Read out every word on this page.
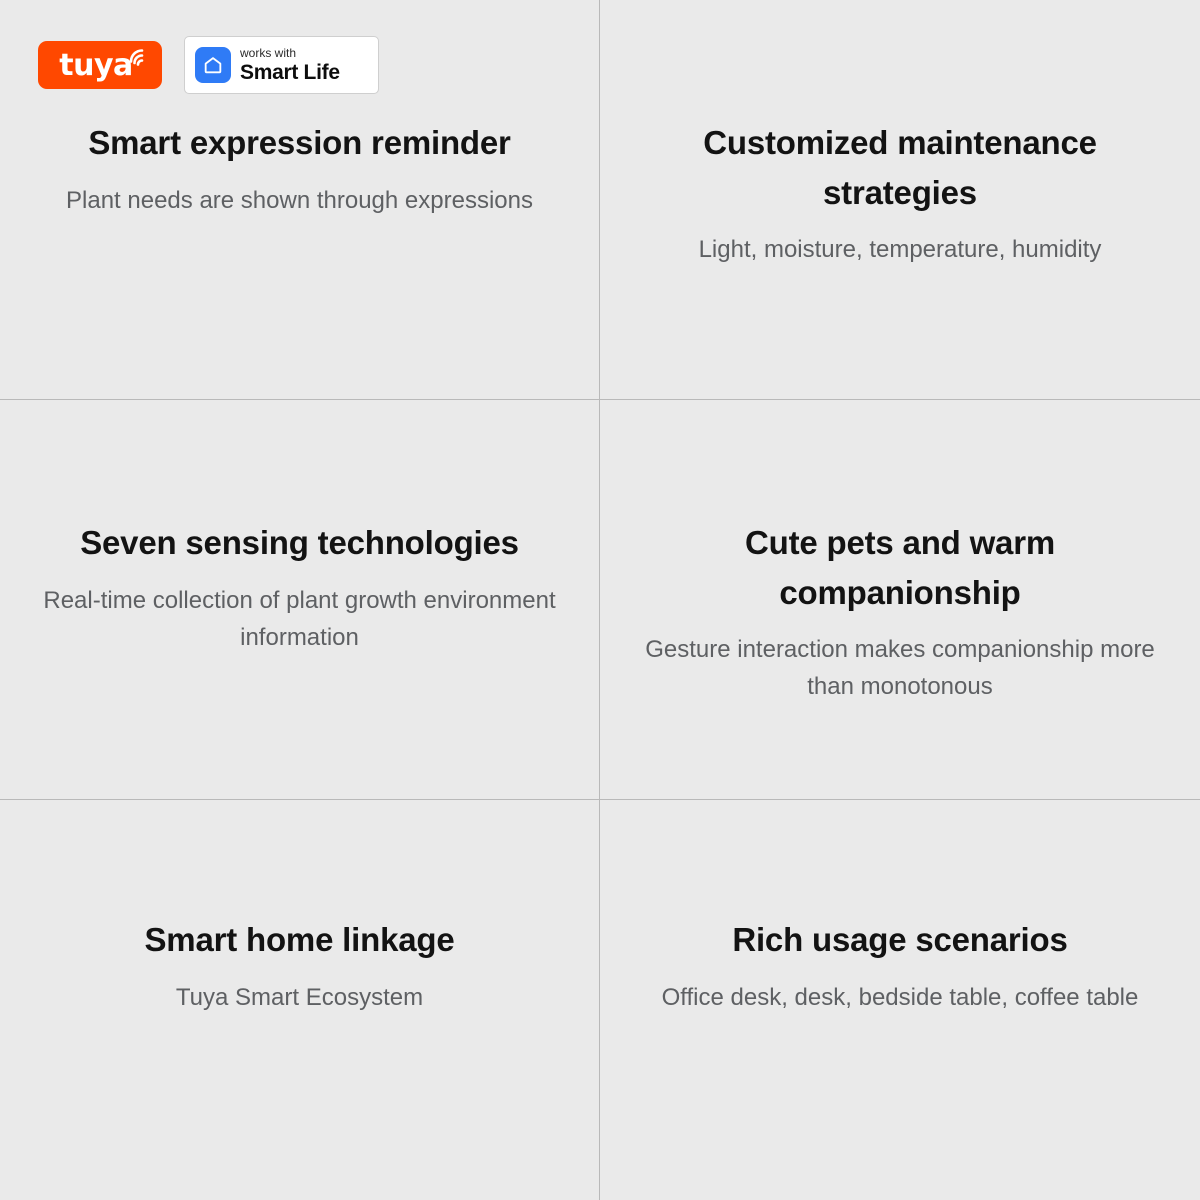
Smart expression reminder
Plant needs are shown through expressions
Customized maintenance strategies
Light, moisture, temperature, humidity
Seven sensing technologies
Real-time collection of plant growth environment information
Cute pets and warm companionship
Gesture interaction makes companionship more than monotonous
Smart home linkage
Tuya Smart Ecosystem
Rich usage scenarios
Office desk, desk, bedside table, coffee table
tuya	works with
Smart Life
